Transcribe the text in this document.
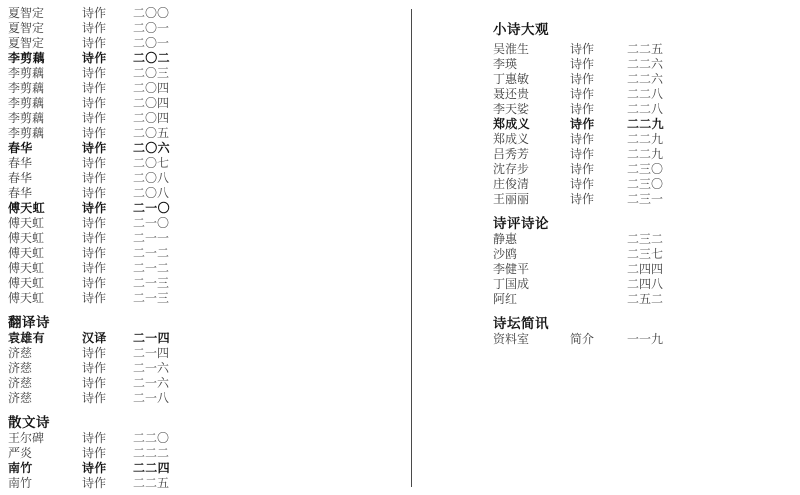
夏智定	诗作	二〇〇
夏智定	诗作	二〇一
夏智定	诗作	二〇一
李剪藕	诗作	二〇二
李剪藕	诗作	二〇三
李剪藕	诗作	二〇四
李剪藕	诗作	二〇四
李剪藕	诗作	二〇四
李剪藕	诗作	二〇五
春华	诗作	二〇六
春华	诗作	二〇七
春华	诗作	二〇八
春华	诗作	二〇八
傅天虹	诗作	二一〇
傅天虹	诗作	二一〇
傅天虹	诗作	二一一
傅天虹	诗作	二一二
傅天虹	诗作	二一二
傅天虹	诗作	二一三
傅天虹	诗作	二一三
翻译诗
袁雄有	汉译	二一四
济慈	诗作	二一四
济慈	诗作	二一六
济慈	诗作	二一六
济慈	诗作	二一八
散文诗
王尔碑	诗作	二二〇
严炎	诗作	二二二
南竹	诗作	二二四
南竹	诗作	二二五
小诗大观
吴淮生	诗作	二二五
李瑛	诗作	二二六
丁惠敏	诗作	二二六
聂还贵	诗作	二二八
李天娑	诗作	二二八
郑成义	诗作	二二九
郑成义	诗作	二二九
吕秀芳	诗作	二二九
沈存步	诗作	二三〇
庄俊清	诗作	二三〇
王丽丽	诗作	二三一
诗评诗论
静惠	二三二
沙鸥	二三七
李健平	二四四
丁国成	二四八
阿红	二五二
诗坛简讯
资料室	简介	一一九
